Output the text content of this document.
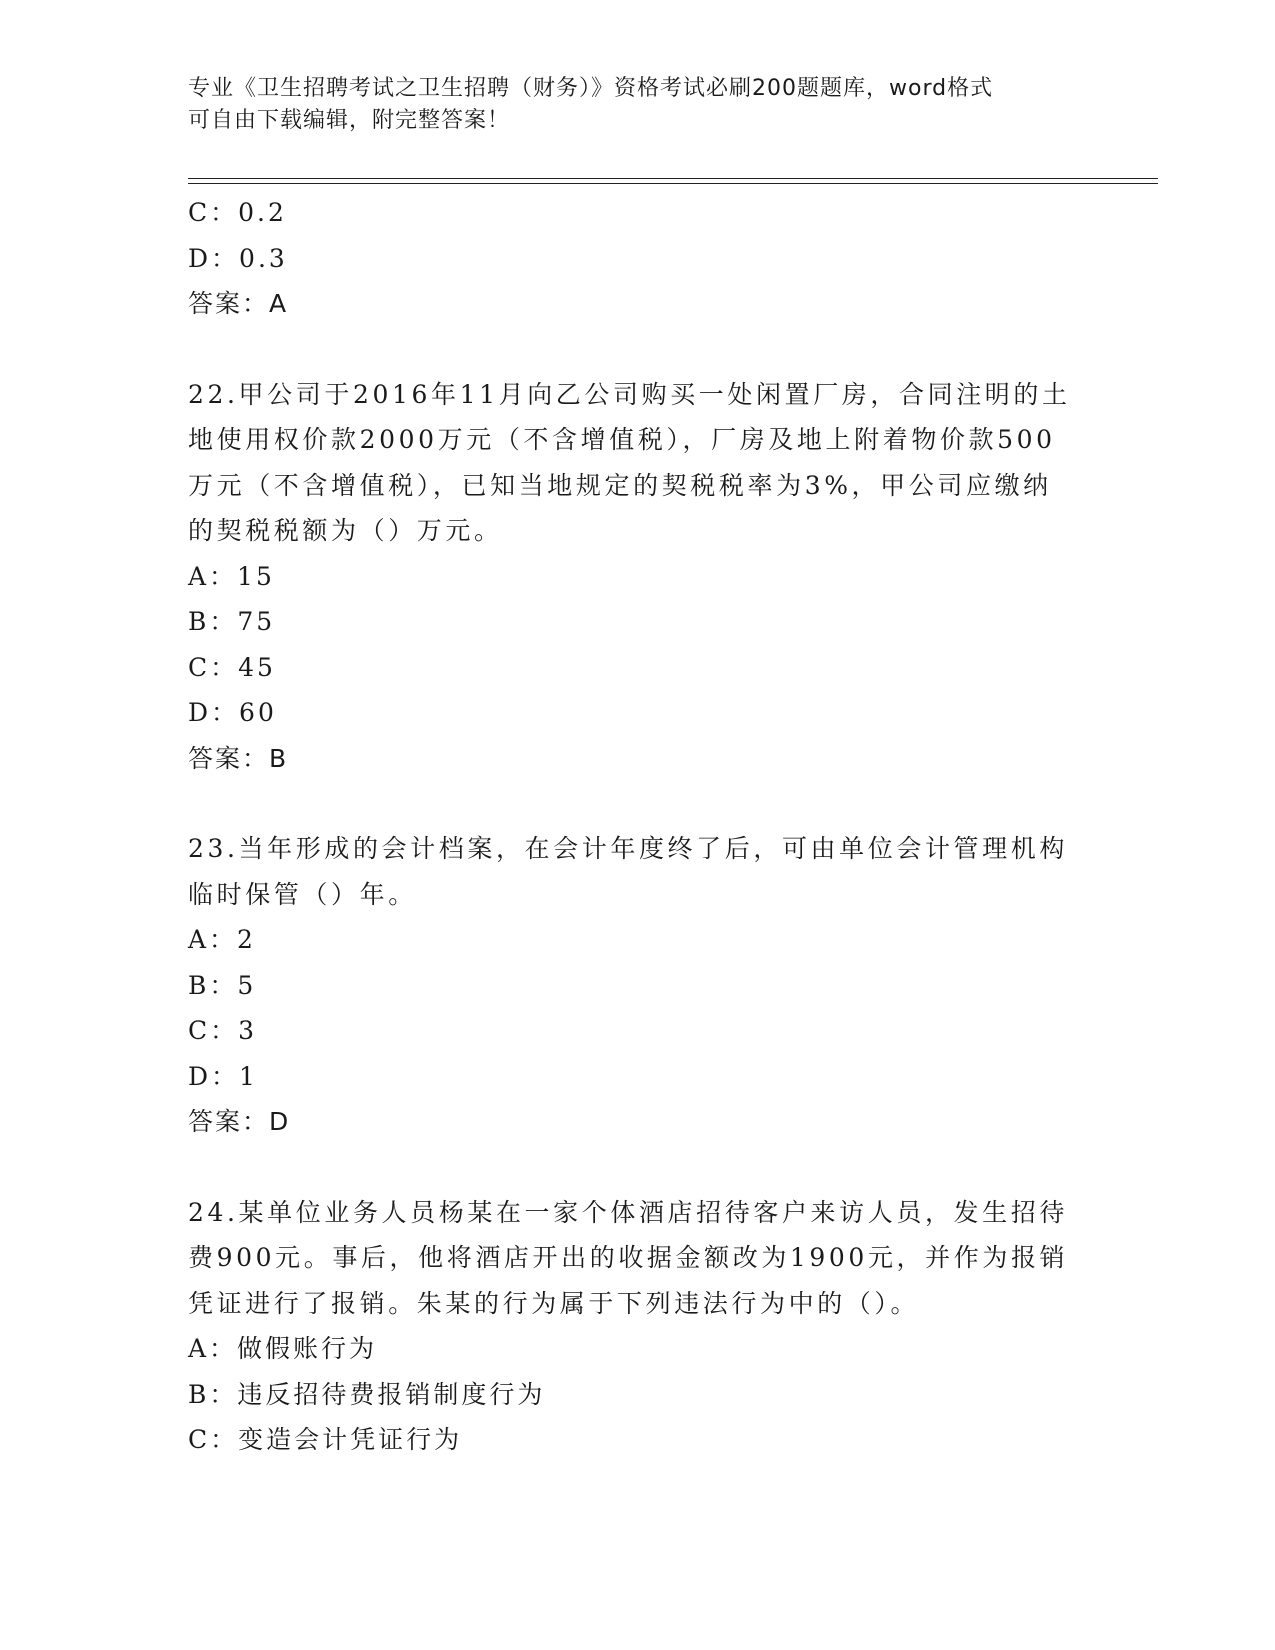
专业《卫生招聘考试之卫生招聘（财务）》资格考试必刷200题题库，word格式
可自由下载编辑，附完整答案！
C：0.2
D：0.3
答案：A
22.甲公司于2016年11月向乙公司购买一处闲置厂房，合同注明的土
地使用权价款2000万元（不含增值税），厂房及地上附着物价款500
万元（不含增值税），已知当地规定的契税税率为3%，甲公司应缴纳
的契税税额为（）万元。
A：15
B：75
C：45
D：60
答案：B
23.当年形成的会计档案，在会计年度终了后，可由单位会计管理机构
临时保管（）年。
A：2
B：5
C：3
D：1
答案：D
24.某单位业务人员杨某在一家个体酒店招待客户来访人员，发生招待
费900元。事后，他将酒店开出的收据金额改为1900元，并作为报销
凭证进行了报销。朱某的行为属于下列违法行为中的（）。
A：做假账行为
B：违反招待费报销制度行为
C：变造会计凭证行为
